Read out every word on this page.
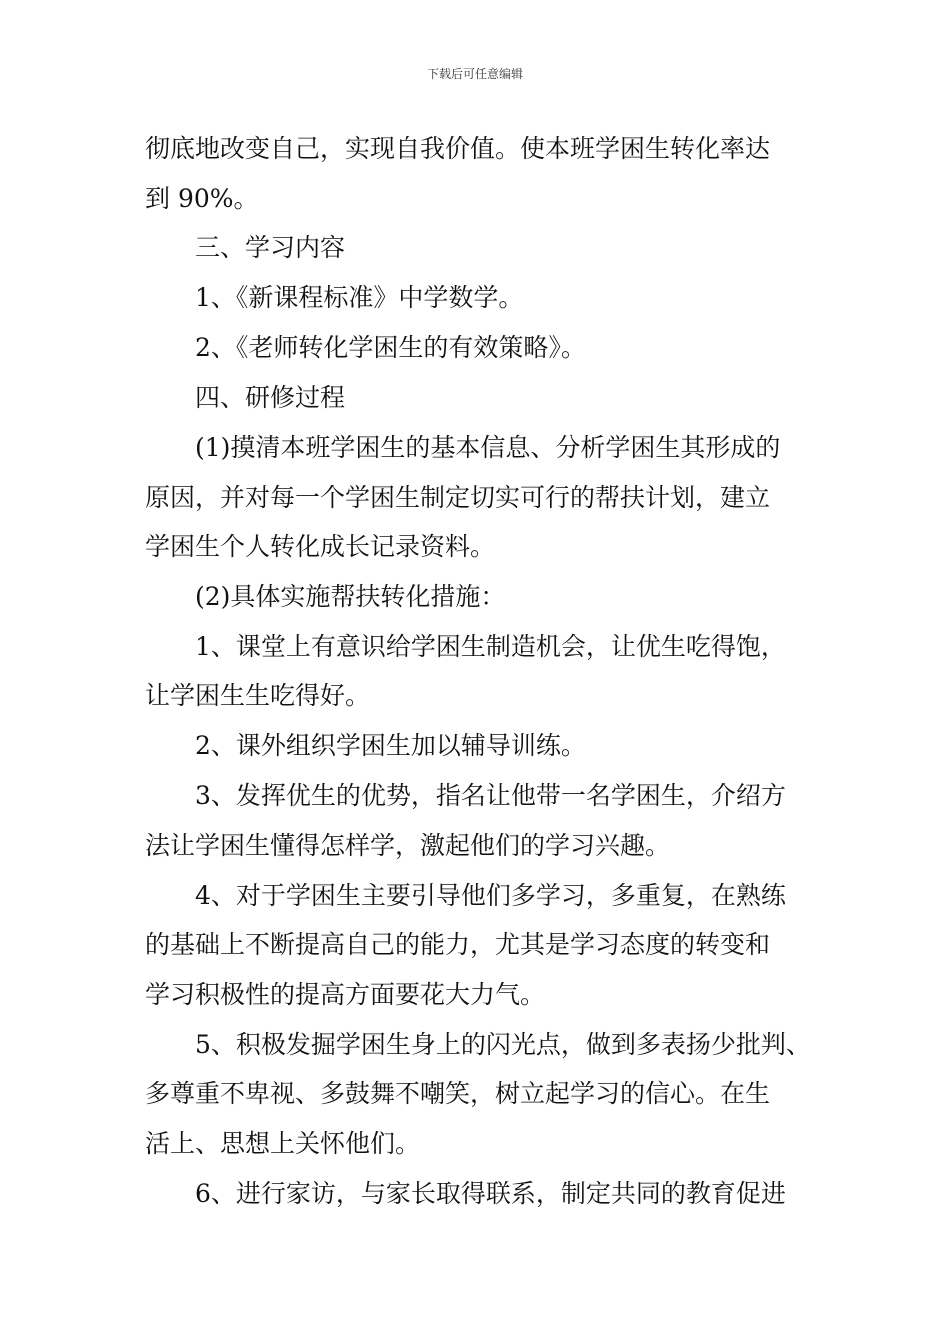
下载后可任意编辑
彻底地改变自己，实现自我价值。使本班学困生转化率达
到 90%。
三、学习内容
1、《新课程标准》中学数学。
2、《老师转化学困生的有效策略》。
四、研修过程
(1)摸清本班学困生的基本信息、分析学困生其形成的
原因，并对每一个学困生制定切实可行的帮扶计划，建立
学困生个人转化成长记录资料。
(2)具体实施帮扶转化措施：
1、课堂上有意识给学困生制造机会，让优生吃得饱，
让学困生生吃得好。
2、课外组织学困生加以辅导训练。
3、发挥优生的优势，指名让他带一名学困生，介绍方
法让学困生懂得怎样学，激起他们的学习兴趣。
4、对于学困生主要引导他们多学习，多重复，在熟练
的基础上不断提高自己的能力，尤其是学习态度的转变和
学习积极性的提高方面要花大力气。
5、积极发掘学困生身上的闪光点，做到多表扬少批判、
多尊重不卑视、多鼓舞不嘲笑，树立起学习的信心。在生
活上、思想上关怀他们。
6、进行家访，与家长取得联系，制定共同的教育促进
